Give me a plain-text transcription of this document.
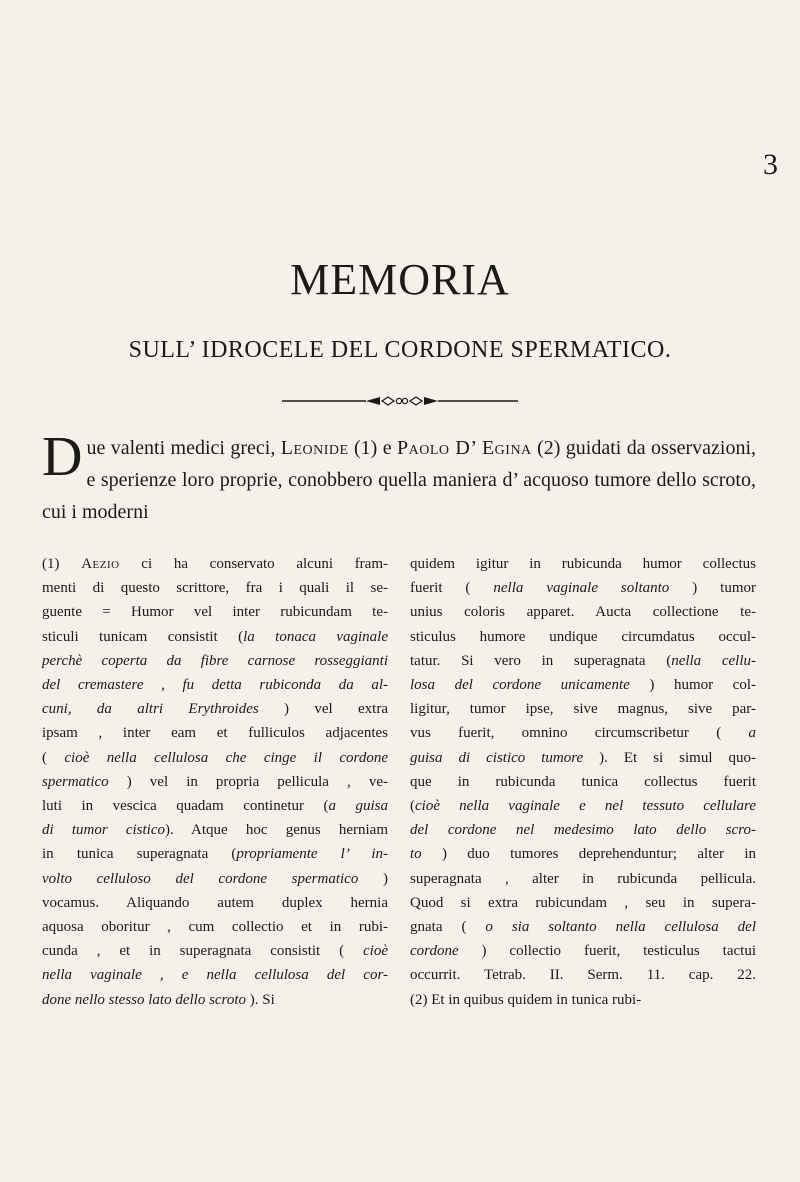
3
MEMORIA
SULL’ IDROCELE DEL CORDONE SPERMATICO.
Due valenti medici greci, Leonide (1) e Paolo D’ Egina (2) guidati da osservazioni, e sperienze loro proprie, conobbero quella maniera d’ acquoso tumore dello scroto, cui i moderni
(1) Aezio ci ha conservato alcuni fram-
menti di questo scrittore, fra i quali il se-
guente = Humor vel inter rubicundam te-
sticuli tunicam consistit (la tonaca vaginale
perchè coperta da fibre carnose rosseggianti
del cremastere , fu detta rubiconda da al-
cuni, da altri Erythroides ) vel extra
ipsam , inter eam et fulliculos adjacentes
( cioè nella cellulosa che cinge il cordone
spermatico ) vel in propria pellicula , ve-
luti in vescica quadam continetur (a guisa
di tumor cistico). Atque hoc genus herniam
in tunica superagnata (propriamente l’ in-
volto celluloso del cordone spermatico )
vocamus. Aliquando autem duplex hernia
aquosa oboritur , cum collectio et in rubi-
cunda , et in superagnata consistit ( cioè
nella vaginale , e nella cellulosa del cor-
done nello stesso lato dello scroto ). Si
quidem igitur in rubicunda humor collectus
fuerit ( nella vaginale soltanto ) tumor
unius coloris apparet. Aucta collectione te-
sticulus humore undique circumdatus occul-
tatur. Si vero in superagnata (nella cellu-
losa del cordone unicamente ) humor col-
ligitur, tumor ipse, sive magnus, sive par-
vus fuerit, omnino circumscribetur ( a
guisa di cistico tumore ). Et si simul quo-
que in rubicunda tunica collectus fuerit
(cioè nella vaginale e nel tessuto cellulare
del cordone nel medesimo lato dello scro-
to ) duo tumores deprehenduntur; alter in
superagnata , alter in rubicunda pellicula.
Quod si extra rubicundam , seu in supera-
gnata ( o sia soltanto nella cellulosa del
cordone ) collectio fuerit, testiculus tactui
occurrit. Tetrab. II. Serm. 11. cap. 22.
(2) Et in quibus quidem in tunica rubi-
